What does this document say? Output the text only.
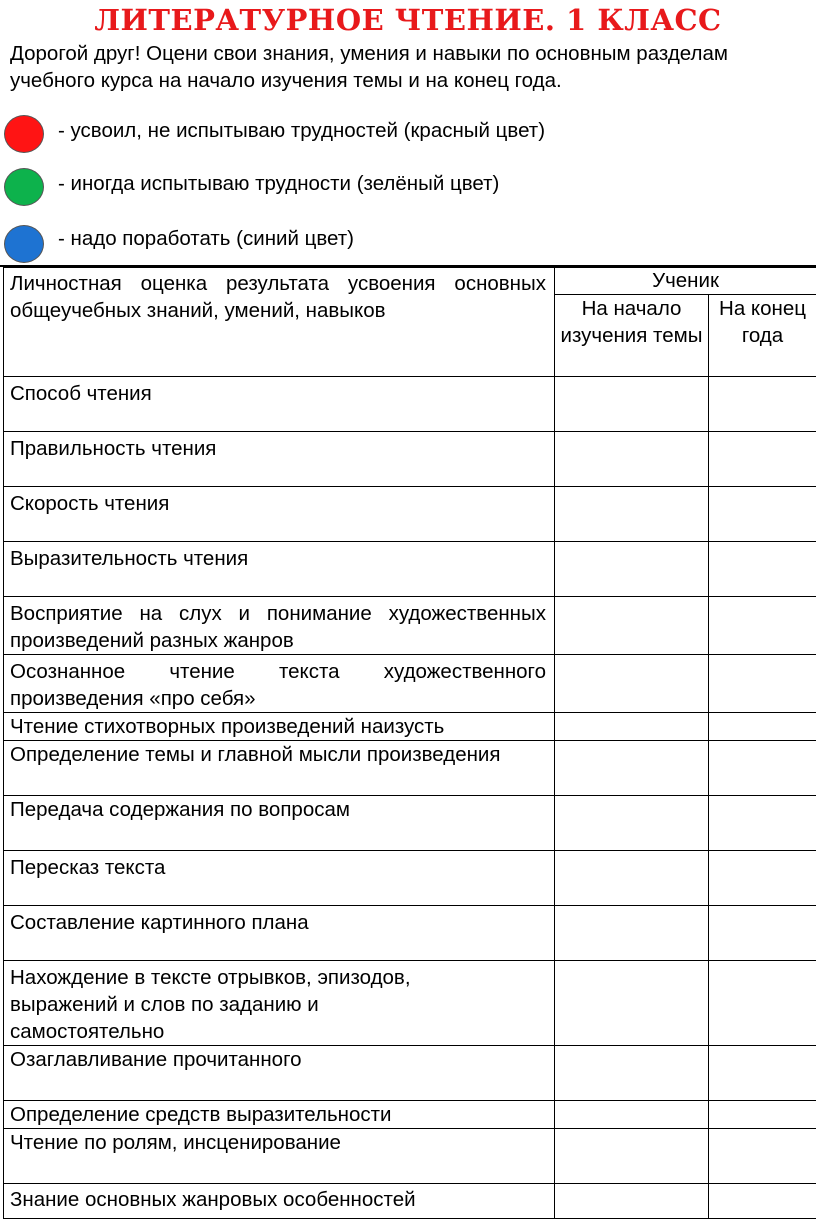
ЛИТЕРАТУРНОЕ ЧТЕНИЕ. 1 КЛАСС
Дорогой друг! Оцени свои знания, умения и навыки по основным разделам
учебного курса на начало изучения темы и на конец года.
- усвоил, не испытываю трудностей (красный цвет)
- иногда испытываю трудности (зелёный цвет)
- надо поработать (синий цвет)
Личностная оценка результата усвоения основных общеучебных знаний, умений, навыков	Ученик	
	На начало изучения темы	На конец года
Способ чтения		
Правильность чтения		
Скорость чтения		
Выразительность чтения		
Восприятие на слух и понимание художественных произведений разных жанров		
Осознанное чтение текста художественного произведения «про себя»		
Чтение стихотворных произведений наизусть		
Определение темы и главной мысли произведения		
Передача содержания по вопросам		
Пересказ текста		
Составление картинного плана		
Нахождение в тексте отрывков, эпизодов, выражений и слов по заданию и самостоятельно		
Озаглавливание прочитанного		
Определение средств выразительности		
Чтение по ролям, инсценирование		
Знание основных жанровых особенностей		
